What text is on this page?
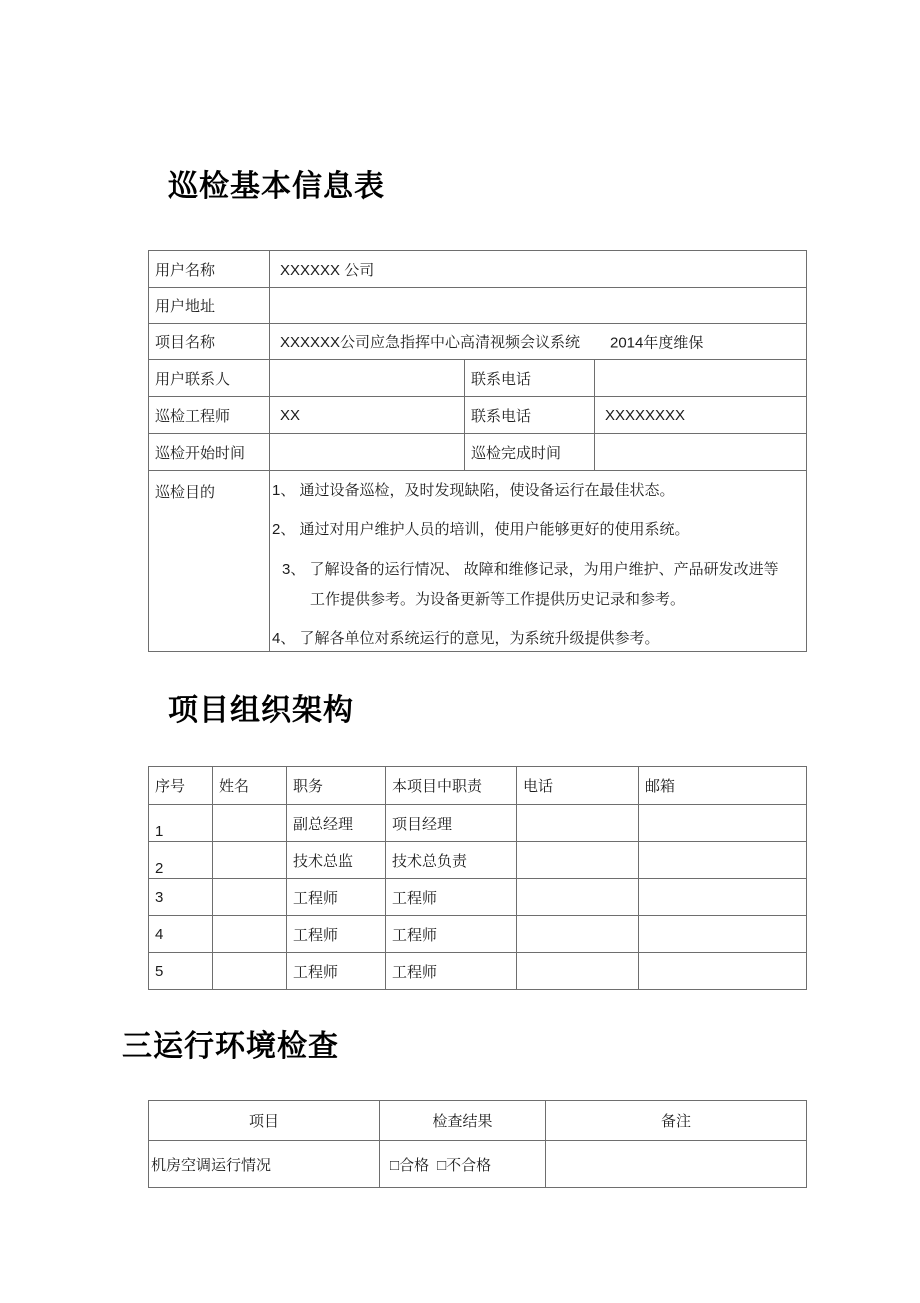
巡检基本信息表
用户名称	XXXXXX 公司		
用户地址			
项目名称	XXXXXX公司应急指挥中心高清视频会议系统 2014年度维保		

用户联系人		联系电话	
巡检工程师	XX	联系电话	XXXXXXXX
巡检开始时间		巡检完成时间	
巡检目的	1、 通过设备巡检，及时发现缺陷，使设备运行在最佳状态。

2、 通过对用户维护人员的培训，使用户能够更好的使用系统。

3、 了解设备的运行情况、 故障和维修记录，为用户维护、产品研发改进等

工作提供参考。为设备更新等工作提供历史记录和参考。

4、 了解各单位对系统运行的意见，为系统升级提供参考。		

项目组织架构
序号	姓名	职务	本项目中职责	电话	邮箱
1		副总经理	项目经理		
2		技术总监	技术总负责		
3		工程师	工程师		
4		工程师	工程师		
5		工程师	工程师		
三运行环境检查
项目	检查结果	备注
机房空调运行情况	□合格 □不合格	
